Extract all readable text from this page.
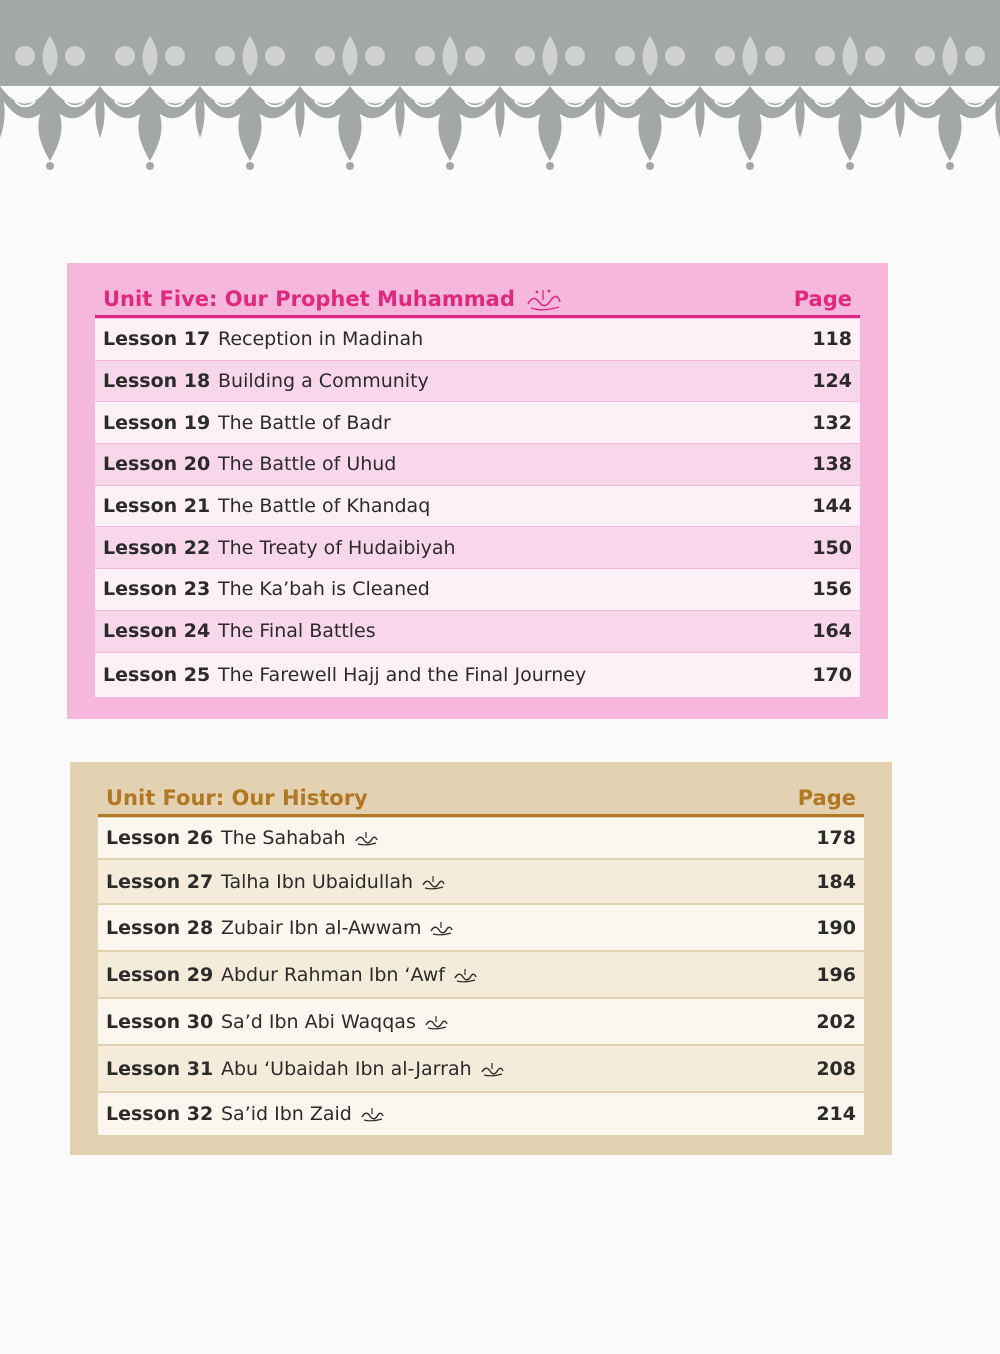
Unit Five: Our Prophet Muhammad	Page
Lesson 17 Reception in Madinah	118
Lesson 18 Building a Community	124
Lesson 19 The Battle of Badr	132
Lesson 20 The Battle of Uhud	138
Lesson 21 The Battle of Khandaq	144
Lesson 22 The Treaty of Hudaibiyah	150
Lesson 23 The Ka’bah is Cleaned	156
Lesson 24 The Final Battles	164
Lesson 25 The Farewell Hajj and the Final Journey	170
Unit Four: Our History	Page
Lesson 26 The Sahabah	178
Lesson 27 Talha Ibn Ubaidullah	184
Lesson 28 Zubair Ibn al-Awwam	190
Lesson 29 Abdur Rahman Ibn ‘Awf	196
Lesson 30 Sa’d Ibn Abi Waqqas	202
Lesson 31 Abu ‘Ubaidah Ibn al-Jarrah	208
Lesson 32 Sa’id Ibn Zaid	214
